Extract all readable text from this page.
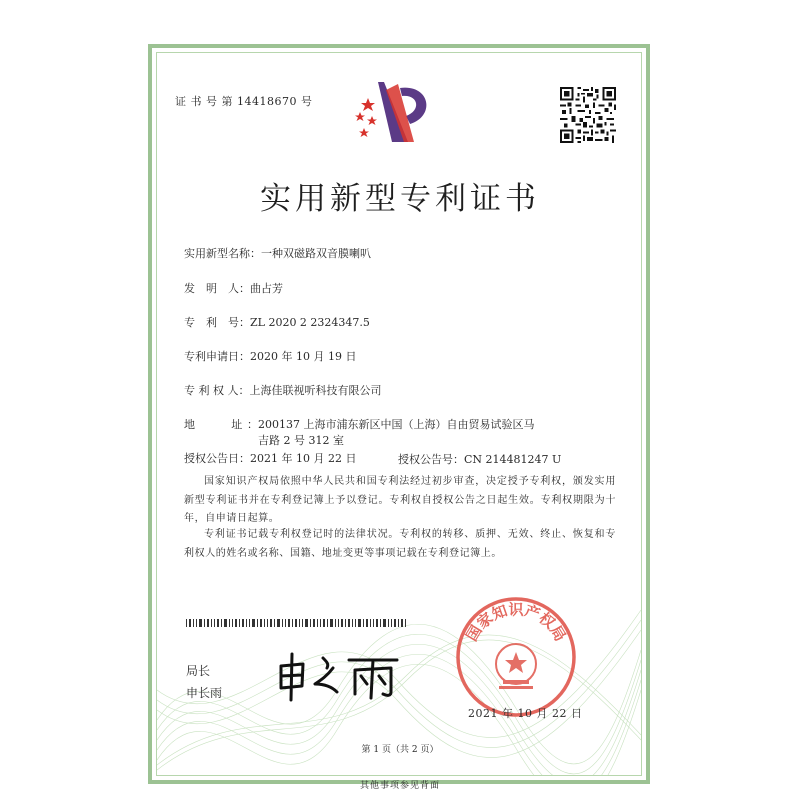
证 书 号 第 14418670 号
实用新型专利证书
实用新型名称：一种双磁路双音膜喇叭
发　明　人：曲占芳
专　利　号：ZL 2020 2 2324347.5
专利申请日：2020 年 10 月 19 日
专 利 权 人：上海佳联视听科技有限公司
地　　址： 200137 上海市浦东新区中国（上海）自由贸易试验区马
吉路 2 号 312 室
授权公告日：2021 年 10 月 22 日	授权公告号：CN 214481247 U
国家知识产权局依照中华人民共和国专利法经过初步审查，决定授予专利权，颁发实用新型专利证书并在专利登记簿上予以登记。专利权自授权公告之日起生效。专利权期限为十年，自申请日起算。
专利证书记载专利权登记时的法律状况。专利权的转移、质押、无效、终止、恢复和专利权人的姓名或名称、国籍、地址变更等事项记载在专利登记簿上。
局长
申长雨
国家知识产权局
2021 年 10 月 22 日
第 1 页（共 2 页）
其他事项参见背面
